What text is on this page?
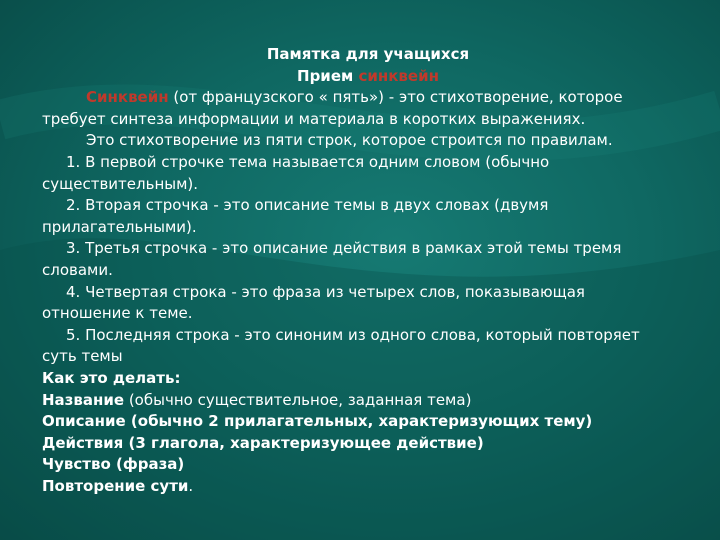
Памятка для учащихся

Прием синквейн

Синквейн (от французского « пять») - это стихотворение, которое требует синтеза информации и материала в коротких выражениях.

Это стихотворение из пяти строк, которое строится по правилам.

1. В первой строчке тема называется одним словом (обычно существительным).

2. Вторая строчка - это описание темы в двух словах (двумя прилагательными).

3. Третья строчка - это описание действия в рамках этой темы тремя словами.

4. Четвертая строка - это фраза из четырех слов, показывающая отношение к теме.

5. Последняя строка - это синоним из одного слова, который повторяет суть темы

Как это делать:

Название (обычно существительное, заданная тема)

Описание (обычно 2 прилагательных, характеризующих тему)

Действия (3 глагола, характеризующее действие)

Чувство (фраза)

Повторение сути.
